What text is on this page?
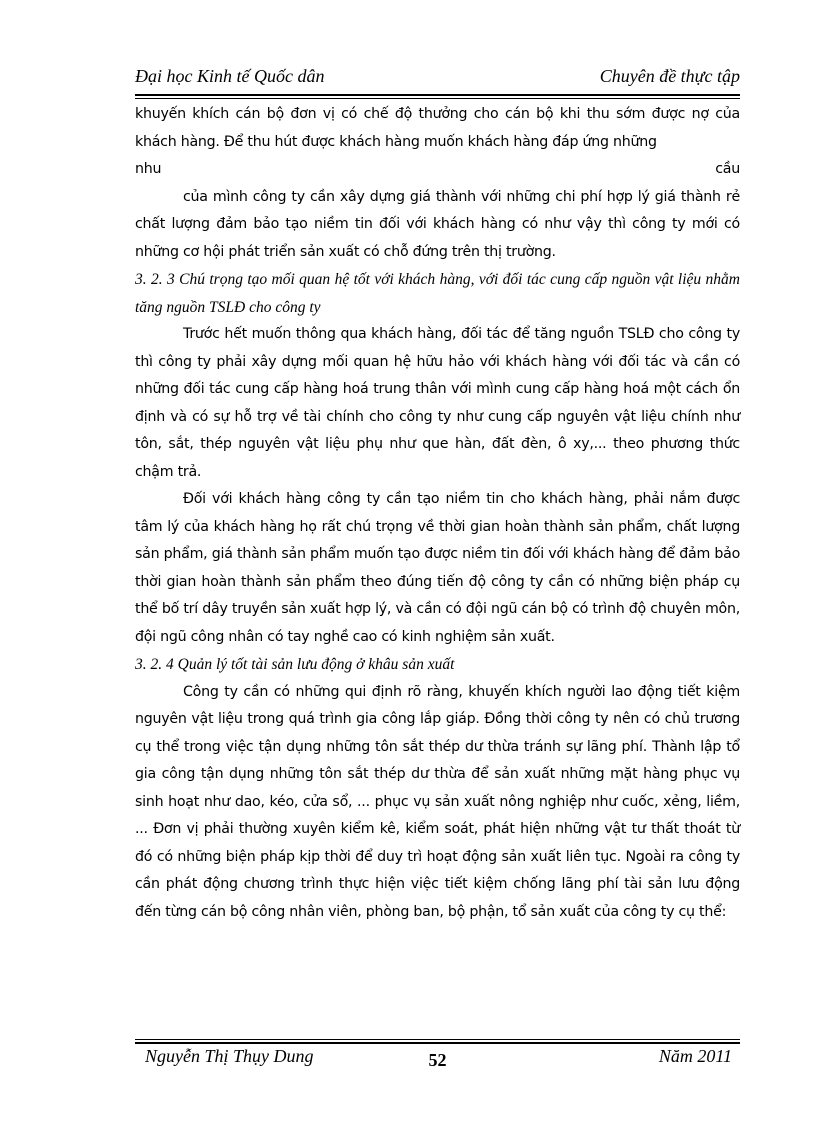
Đại học Kinh tế Quốc dân	Chuyên đề thực tập

khuyến khích cán bộ đơn vị có chế độ thưởng cho cán bộ khi thu sớm được nợ của khách hàng. Để thu hút được khách hàng muốn khách hàng đáp ứng những

nhu	cầu

của mình công ty cần xây dựng giá thành với những chi phí hợp lý giá thành rẻ chất lượng đảm bảo tạo niềm tin đối với khách hàng có như vậy thì công ty mới có những cơ hội phát triển sản xuất có chỗ đứng trên thị trường.

3. 2. 3 Chú trọng tạo mối quan hệ tốt với khách hàng, với đối tác cung cấp nguồn vật liệu nhằm tăng nguồn TSLĐ cho công ty

Trước hết muốn thông qua khách hàng, đối tác để tăng nguồn TSLĐ cho công ty thì công ty phải xây dựng mối quan hệ hữu hảo với khách hàng với đối tác và cần có những đối tác cung cấp hàng hoá trung thân với mình cung cấp hàng hoá một cách ổn định và có sự hỗ trợ về tài chính cho công ty như cung cấp nguyên vật liệu chính như tôn, sắt, thép nguyên vật liệu phụ như que hàn, đất đèn, ô xy,... theo phương thức chậm trả.

Đối với khách hàng công ty cần tạo niềm tin cho khách hàng, phải nắm được tâm lý của khách hàng họ rất chú trọng về thời gian hoàn thành sản phẩm, chất lượng sản phẩm, giá thành sản phẩm muốn tạo được niềm tin đối với khách hàng để đảm bảo thời gian hoàn thành sản phẩm theo đúng tiến độ công ty cần có những biện pháp cụ thể bố trí dây truyền sản xuất hợp lý, và cần có đội ngũ cán bộ có trình độ chuyên môn, đội ngũ công nhân có tay nghề cao có kinh nghiệm sản xuất.

3. 2. 4 Quản lý tốt tài sản lưu động ở khâu sản xuất

Công ty cần có những qui định rõ ràng, khuyến khích người lao động tiết kiệm nguyên vật liệu trong quá trình gia công lắp giáp. Đồng thời công ty nên có chủ trương cụ thể trong việc tận dụng những tôn sắt thép dư thừa tránh sự lãng phí. Thành lập tổ gia công tận dụng những tôn sắt thép dư thừa để sản xuất những mặt hàng phục vụ sinh hoạt như dao, kéo, cửa sổ, ... phục vụ sản xuất nông nghiệp như cuốc, xẻng, liềm, ... Đơn vị phải thường xuyên kiểm kê, kiểm soát, phát hiện những vật tư thất thoát từ đó có những biện pháp kịp thời để duy trì hoạt động sản xuất liên tục. Ngoài ra công ty cần phát động chương trình thực hiện việc tiết kiệm chống lãng phí tài sản lưu động đến từng cán bộ công nhân viên, phòng ban, bộ phận, tổ sản xuất của công ty cụ thể:

Nguyễn Thị Thụy Dung	52	Năm 2011
